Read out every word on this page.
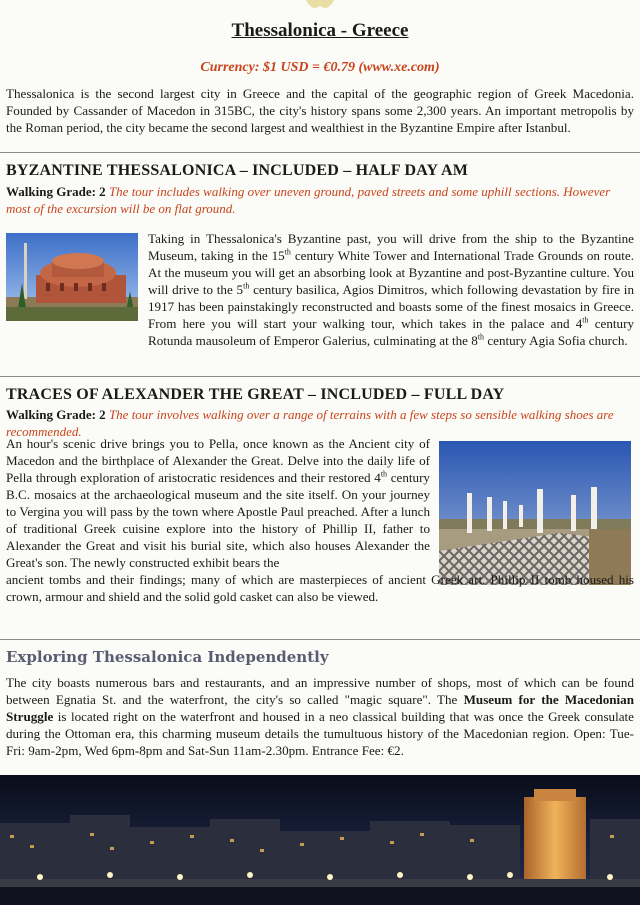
Thessalonica - Greece
Currency: $1 USD = €0.79 (www.xe.com)

Thessalonica is the second largest city in Greece and the capital of the geographic region of Greek Macedonia. Founded by Cassander of Macedon in 315BC, the city's history spans some 2,300 years. An important metropolis by the Roman period, the city became the second largest and wealthiest in the Byzantine Empire after Istanbul.

BYZANTINE THESSALONICA – INCLUDED – HALF DAY AM
Walking Grade: 2 The tour includes walking over uneven ground, paved streets and some uphill sections. However most of the excursion will be on flat ground.

Taking in Thessalonica's Byzantine past, you will drive from the ship to the Byzantine Museum, taking in the 15th century White Tower and International Trade Grounds on route. At the museum you will get an absorbing look at Byzantine and post-Byzantine culture. You will drive to the 5th century basilica, Agios Dimitros, which following devastation by fire in 1917 has been painstakingly reconstructed and boasts some of the finest mosaics in Greece. From here you will start your walking tour, which takes in the palace and 4th century Rotunda mausoleum of Emperor Galerius, culminating at the 8th century Agia Sofia church.

TRACES OF ALEXANDER THE GREAT – INCLUDED – FULL DAY
Walking Grade: 2 The tour involves walking over a range of terrains with a few steps so sensible walking shoes are recommended.

An hour's scenic drive brings you to Pella, once known as the Ancient city of Macedon and the birthplace of Alexander the Great. Delve into the daily life of Pella through exploration of aristocratic residences and their restored 4th century B.C. mosaics at the archaeological museum and the site itself. On your journey to Vergina you will pass by the town where Apostle Paul preached. After a lunch of traditional Greek cuisine explore into the history of Phillip II, father to Alexander the Great and visit his burial site, which also houses Alexander the Great's son. The newly constructed exhibit bears the

ancient tombs and their findings; many of which are masterpieces of ancient Greek art. Phillip II tomb housed his crown, armour and shield and the solid gold casket can also be viewed.

Exploring Thessalonica Independently

The city boasts numerous bars and restaurants, and an impressive number of shops, most of which can be found between Egnatia St. and the waterfront, the city's so called "magic square". The Museum for the Macedonian Struggle is located right on the waterfront and housed in a neo classical building that was once the Greek consulate during the Ottoman era, this charming museum details the tumultuous history of the Macedonian region. Open: Tue-Fri: 9am-2pm, Wed 6pm-8pm and Sat-Sun 11am-2.30pm. Entrance Fee: €2.
